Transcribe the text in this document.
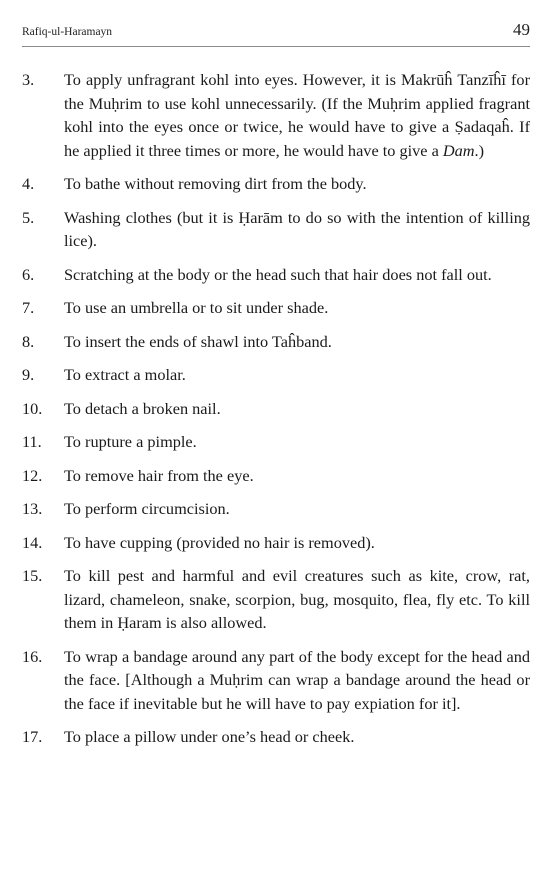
Rafiq-ul-Haramayn	49
3.	To apply unfragrant kohl into eyes. However, it is Makrūĥ Tanzīĥī for the Muḥrim to use kohl unnecessarily. (If the Muḥrim applied fragrant kohl into the eyes once or twice, he would have to give a Ṣadaqaĥ. If he applied it three times or more, he would have to give a Dam.)
4.	To bathe without removing dirt from the body.
5.	Washing clothes (but it is Ḥarām to do so with the intention of killing lice).
6.	Scratching at the body or the head such that hair does not fall out.
7.	To use an umbrella or to sit under shade.
8.	To insert the ends of shawl into Taĥband.
9.	To extract a molar.
10.	To detach a broken nail.
11.	To rupture a pimple.
12.	To remove hair from the eye.
13.	To perform circumcision.
14.	To have cupping (provided no hair is removed).
15.	To kill pest and harmful and evil creatures such as kite, crow, rat, lizard, chameleon, snake, scorpion, bug, mosquito, flea, fly etc. To kill them in Ḥaram is also allowed.
16.	To wrap a bandage around any part of the body except for the head and the face. [Although a Muḥrim can wrap a bandage around the head or the face if inevitable but he will have to pay expiation for it].
17.	To place a pillow under one’s head or cheek.
